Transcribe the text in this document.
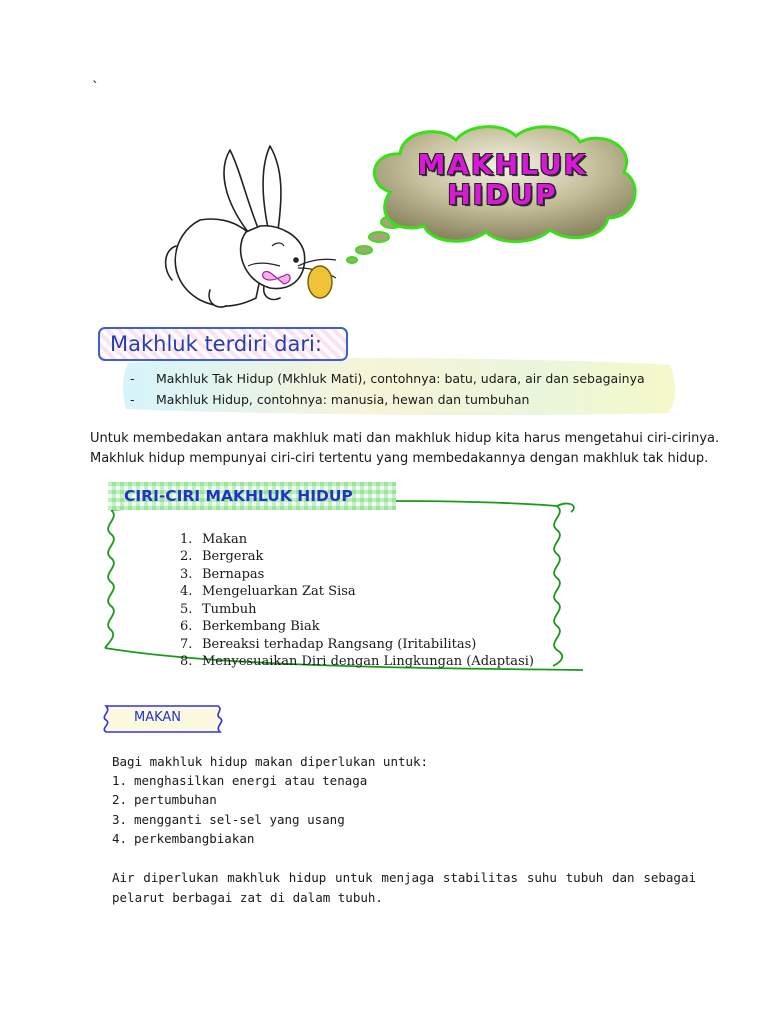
`
MAKHLUK
HIDUP
Makhluk terdiri dari:
- Makhluk Tak Hidup (Mkhluk Mati), contohnya: batu, udara, air dan sebagainya
- Makhluk Hidup, contohnya: manusia, hewan dan tumbuhan
Untuk membedakan antara makhluk mati dan makhluk hidup kita harus mengetahui ciri-cirinya.
Makhluk hidup mempunyai ciri-ciri tertentu yang membedakannya dengan makhluk tak hidup.
CIRI-CIRI MAKHLUK HIDUP
1. Makan
2. Bergerak
3. Bernapas
4. Mengeluarkan Zat Sisa
5. Tumbuh
6. Berkembang Biak
7. Bereaksi terhadap Rangsang (Iritabilitas)
8. Menyesuaikan Diri dengan Lingkungan (Adaptasi)
MAKAN
Bagi makhluk hidup makan diperlukan untuk:
1. menghasilkan energi atau tenaga
2. pertumbuhan
3. mengganti sel-sel yang usang
4. perkembangbiakan
Air diperlukan makhluk hidup untuk menjaga stabilitas suhu tubuh dan sebagai pelarut berbagai zat di dalam tubuh.
